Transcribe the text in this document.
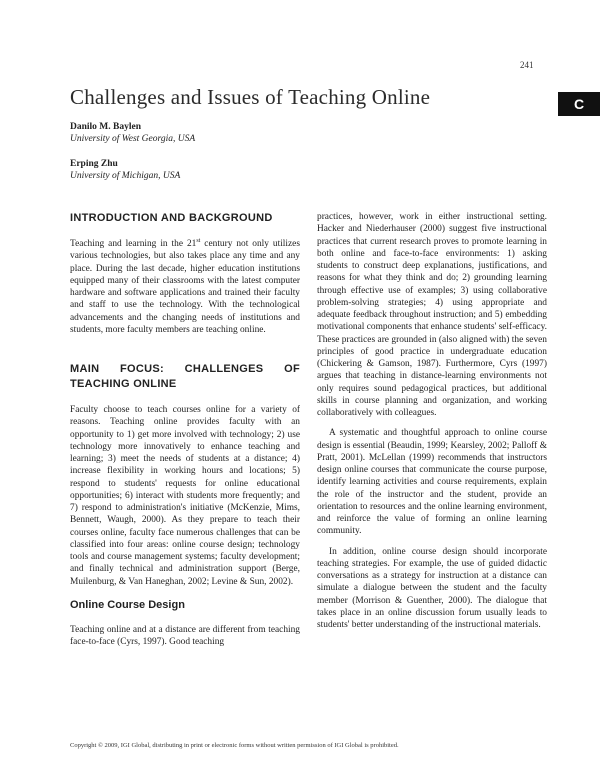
241
Challenges and Issues of Teaching Online	C
Danilo M. Baylen
University of West Georgia, USA
Erping Zhu
University of Michigan, USA
INTRODUCTION AND BACKGROUND

Teaching and learning in the 21st century not only utilizes various technologies, but also takes place any time and any place. During the last decade, higher education institutions equipped many of their classrooms with the latest computer hardware and software applications and trained their faculty and staff to use the technology. With the technological advancements and the changing needs of institutions and students, more faculty members are teaching online.

MAIN FOCUS: CHALLENGES OF TEACHING ONLINE

Faculty choose to teach courses online for a variety of reasons. Teaching online provides faculty with an opportunity to 1) get more involved with technology; 2) use technology more innovatively to enhance teaching and learning; 3) meet the needs of students at a distance; 4) increase flexibility in working hours and locations; 5) respond to students' requests for online educational opportunities; 6) interact with students more frequently; and 7) respond to administration's initiative (McKenzie, Mims, Bennett, Waugh, 2000). As they prepare to teach their courses online, faculty face numerous challenges that can be classified into four areas: online course design; technology tools and course management systems; faculty development; and finally technical and administration support (Berge, Muilenburg, & Van Haneghan, 2002; Levine & Sun, 2002).

Online Course Design

Teaching online and at a distance are different from teaching face-to-face (Cyrs, 1997). Good teaching

practices, however, work in either instructional setting. Hacker and Niederhauser (2000) suggest five instructional practices that current research proves to promote learning in both online and face-to-face environments: 1) asking students to construct deep explanations, justifications, and reasons for what they think and do; 2) grounding learning through effective use of examples; 3) using collaborative problem-solving strategies; 4) using appropriate and adequate feedback throughout instruction; and 5) embedding motivational components that enhance students' self-efficacy. These practices are grounded in (also aligned with) the seven principles of good practice in undergraduate education (Chickering & Gamson, 1987). Furthermore, Cyrs (1997) argues that teaching in distance-learning environments not only requires sound pedagogical practices, but additional skills in course planning and organization, and working collaboratively with colleagues.

A systematic and thoughtful approach to online course design is essential (Beaudin, 1999; Kearsley, 2002; Palloff & Pratt, 2001). McLellan (1999) recommends that instructors design online courses that communicate the course purpose, identify learning activities and course requirements, explain the role of the instructor and the student, provide an orientation to resources and the online learning environment, and reinforce the value of forming an online learning community.

In addition, online course design should incorporate teaching strategies. For example, the use of guided didactic conversations as a strategy for instruction at a distance can simulate a dialogue between the student and the faculty member (Morrison & Guenther, 2000). The dialogue that takes place in an online discussion forum usually leads to students' better understanding of the instructional materials.

Copyright © 2009, IGI Global, distributing in print or electronic forms without written permission of IGI Global is prohibited.
